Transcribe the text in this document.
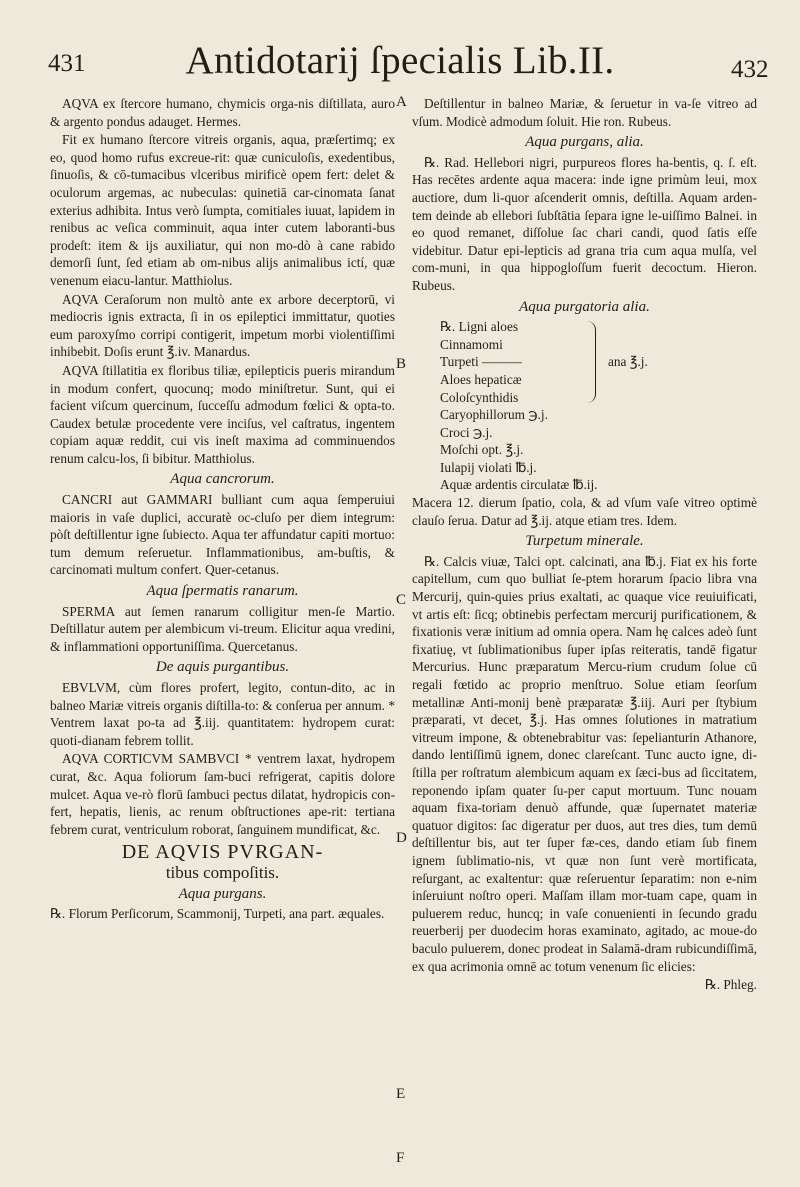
431	Antidotarij ſpecialis Lib.II.	432

AQVA ex ſtercore humano, chymicis orga-nis diſtillata, auro & argento pondus adauget. Hermes.

Fit ex humano ſtercore vitreis organis, aqua, præſertimq; ex eo, quod homo rufus excreue-rit: quæ cuniculoſis, exedentibus, ſinuoſis, & cō-tumacibus vlceribus mirificè opem fert: delet & oculorum argemas, ac nubeculas: quinetiā car-cinomata ſanat exterius adhibita. Intus verò ſumpta, comitiales iuuat, lapidem in renibus ac veſica comminuit, aqua inter cutem laboranti-bus prodeſt: item & ijs auxiliatur, qui non mo-dò à cane rabido demorſi ſunt, ſed etiam ab om-nibus alijs animalibus ictí, quæ venenum eiacu-lantur. Matthiolus.

AQVA Ceraſorum non multò ante ex arbore decerptorū, vi mediocris ignis extracta, ſi in os epileptici immittatur, quoties eum paroxyſmo corripi contigerit, impetum morbi violentiſſimi inhibebit. Doſis erunt ℥.iv. Manardus.

AQVA ſtillatitia ex floribus tiliæ, epilepticis pueris mirandum in modum confert, quocunq; modo miniſtretur. Sunt, qui ei facient viſcum quercinum, ſucceſſu admodum fœlici & opta-to. Caudex betulæ procedente vere inciſus, vel caſtratus, ingentem copiam aquæ reddit, cui vis ineſt maxima ad comminuendos renum calcu-los, ſi bibitur. Matthiolus.

Aqua cancrorum.

CANCRI aut GAMMARI bulliant cum aqua ſemperuiui maioris in vaſe duplici, accuratè oc-cluſo per diem integrum: pòſt deſtillentur igne ſubiecto. Aqua ter affundatur capiti mortuo: tum demum reſeruetur. Inflammationibus, am-buſtis, & carcinomati multum confert. Quer-cetanus.

Aqua ſpermatis ranarum.

SPERMA aut ſemen ranarum colligitur men-ſe Martio. Deſtillatur autem per alembicum vi-treum. Elicitur aqua vredini, & inflammationi opportuniſſima. Quercetanus.

De aquis purgantibus.

EBVLVM, cùm flores profert, legito, contun-dito, ac in balneo Mariæ vitreis organis diſtilla-to: & conſerua per annum. * Ventrem laxat po-ta ad ℥.iij. quantitatem: hydropem curat: quoti-dianam febrem tollit.

AQVA CORTICVM SAMBVCI * ventrem laxat, hydropem curat, &c. Aqua foliorum ſam-buci refrigerat, capitis dolore mulcet. Aqua ve-rò florū ſambuci pectus dilatat, hydropicis con-fert, hepatis, lienis, ac renum obſtructiones ape-rit: tertiana febrem curat, ventriculum roborat, ſanguinem mundificat, &c.

DE AQVIS PVRGAN-
tibus compoſitis.
Aqua purgans.

℞. Florum Perſicorum, Scammonij, Turpeti, ana part. æquales.

Deſtillentur in balneo Mariæ, & ſeruetur in va-ſe vitreo ad vſum. Modicè admodum ſoluit. Hie ron. Rubeus.

Aqua purgans, alia.

℞. Rad. Hellebori nigri, purpureos flores ha-bentis, q. ſ. eſt. Has recētes ardente aqua macera: inde igne primùm leui, mox auctiore, dum li-quor aſcenderit omnis, deſtilla. Aquam arden-tem deinde ab ellebori ſubſtātia ſepara igne le-uiſſimo Balnei. in eo quod remanet, diſſolue ſac chari candi, quod ſatis eſſe videbitur. Datur epi-lepticis ad grana tria cum aqua mulſa, vel com-muni, in qua hippogloſſum fuerit decoctum. Hieron. Rubeus.

Aqua purgatoria alia.
℞. Ligni aloes
Cinnamomi
Turpeti ———
Aloes hepaticæ
Coloſcynthidis
ana ℥.j.
Caryophillorum ℈.j.
Croci ℈.j.
Moſchi opt. ℥.j.
Iulapij violati ℔.j.
Aquæ ardentis circulatæ ℔.ij.

Macera 12. dierum ſpatio, cola, & ad vſum vaſe vitreo optimè clauſo ſerua. Datur ad ℥.ij. atque etiam tres. Idem.

Turpetum minerale.

℞. Calcis viuæ, Talci opt. calcinati, ana ℔.j. Fiat ex his forte capitellum, cum quo bulliat ſe-ptem horarum ſpacio libra vna Mercurij, quin-quies prius exaltati, ac quaque vice reuiuificati, vt artis eſt: ſicq; obtinebis perfectam mercurij purificationem, & fixationis veræ initium ad omnia opera. Nam hę calces adeò ſunt fixatiuę, vt ſublimationibus ſuper ipſas reiteratis, tandē figatur Mercurius. Hunc præparatum Mercu-rium crudum ſolue cū regali fœtido ac proprio menſtruo. Solue etiam ſeorſum metallinæ Anti-monij benè præparatæ ℥.iij. Auri per ſtybium præparati, vt decet, ℥.j. Has omnes ſolutiones in matratium vitreum impone, & obtenebrabitur vas: ſepelianturin Athanore, dando lentiſſimū ignem, donec clareſcant. Tunc aucto igne, di-ſtilla per roſtratum alembicum aquam ex ſæci-bus ad ſiccitatem, reponendo ipſam quater ſu-per caput mortuum. Tunc nouam aquam fixa-toriam denuò affunde, quæ ſupernatet materiæ quatuor digitos: ſac digeratur per duos, aut tres dies, tum demū deſtillentur bis, aut ter ſuper fæ-ces, dando etiam ſub finem ignem ſublimatio-nis, vt quæ non ſunt verè mortificata, reſurgant, ac exaltentur: quæ reſeruentur ſeparatim: non e-nim inſeruiunt noſtro operi. Maſſam illam mor-tuam cape, quam in puluerem reduc, huncq; in vaſe conuenienti in ſecundo gradu reuerberij per duodecim horas examinato, agitado, ac moue-do baculo puluerem, donec prodeat in Salamā-dram rubicundiſſimā, ex qua acrimonia omnē ac totum venenum ſic elicies:

℞. Phleg.

A
B
C
D
E
F
